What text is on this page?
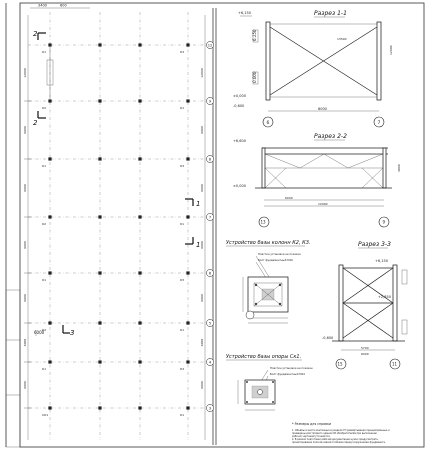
3400	600
12
К1	К3
12000	12000
9
К2	К1
6000	6000
8
К1	К3
6000	6000
7
К2	К1
6000	6000
6
К1	К3
6000	6000
5
К2	К1
6000	6000
4
К1	К3
6000	6000
3
СК1	К1
2
2
1
1
3
6000
Разрез 1-1
+6,150
±0,000
-0,600
6.150
0.000
13500
12000
6000
6	7
Разрез 2-2
+6,600
±0,000
6000
12000
4800
13	9
Устройство базы колонн К2, К3.
Пластин установки не показан
Болт фундаментный М16
Устройство базы опоры Ск1.
Пластин установки не показан
Болт фундаментный М24
Разрез 3-3
+6,150
+2,850
-0,600
5700
6000
15	11
* Размеры для справки
1. Объёмы и места монтажных в разделе ГП развёртывания принципиальные и
приведены для типового здания СВ. Изобретателям при выполнении
рабочих чертежей уточняются.
2. В рамках подготовки рабочей документации нужно предусмотреть
проектирование поясков связей стойками перед сооружением фундамента.
